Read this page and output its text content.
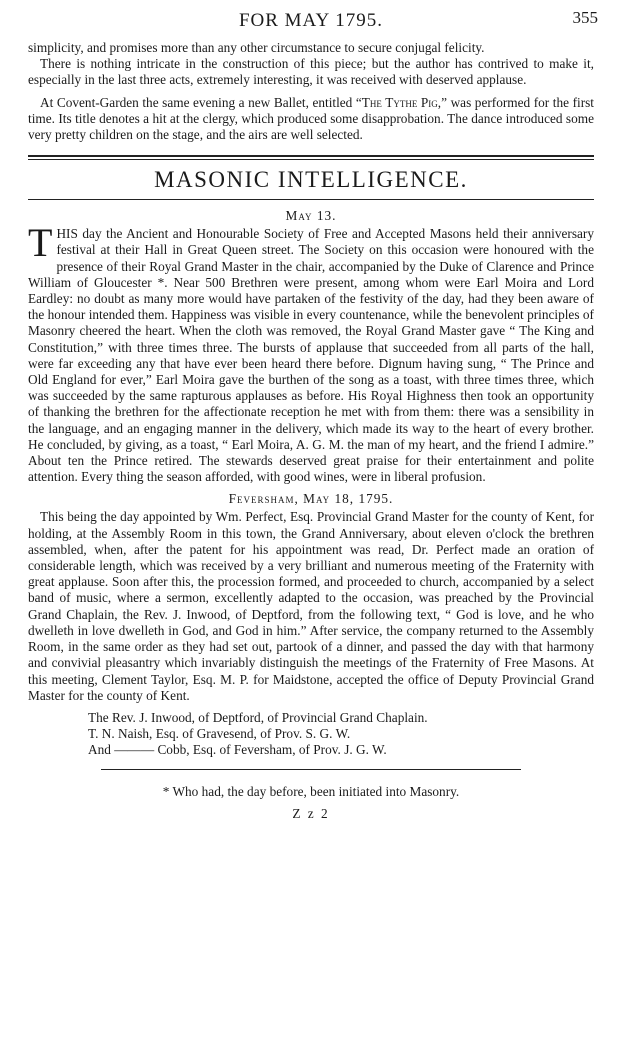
FOR MAY 1795.	355

simplicity, and promises more than any other circumstance to secure conjugal felicity.

There is nothing intricate in the construction of this piece; but the author has contrived to make it, especially in the last three acts, extremely interesting, it was received with deserved applause.

At Covent-Garden the same evening a new Ballet, entitled “The Tythe Pig,” was performed for the first time. Its title denotes a hit at the clergy, which produced some disapprobation. The dance introduced some very pretty children on the stage, and the airs are well selected.

MASONIC INTELLIGENCE.
May 13.

THIS day the Ancient and Honourable Society of Free and Accepted Masons held their anniversary festival at their Hall in Great Queen street. The Society on this occasion were honoured with the presence of their Royal Grand Master in the chair, accompanied by the Duke of Clarence and Prince William of Gloucester *. Near 500 Brethren were present, among whom were Earl Moira and Lord Eardley: no doubt as many more would have partaken of the festivity of the day, had they been aware of the honour intended them. Happiness was visible in every countenance, while the benevolent principles of Masonry cheered the heart. When the cloth was removed, the Royal Grand Master gave “ The King and Constitution,” with three times three. The bursts of applause that succeeded from all parts of the hall, were far exceeding any that have ever been heard there before. Dignum having sung, “ The Prince and Old England for ever,” Earl Moira gave the burthen of the song as a toast, with three times three, which was succeeded by the same rapturous applauses as before. His Royal Highness then took an opportunity of thanking the brethren for the affectionate reception he met with from them: there was a sensibility in the language, and an engaging manner in the delivery, which made its way to the heart of every brother. He concluded, by giving, as a toast, “ Earl Moira, A. G. M. the man of my heart, and the friend I admire.” About ten the Prince retired. The stewards deserved great praise for their entertainment and polite attention. Every thing the season afforded, with good wines, were in liberal profusion.

Feversham, May 18, 1795.

This being the day appointed by Wm. Perfect, Esq. Provincial Grand Master for the county of Kent, for holding, at the Assembly Room in this town, the Grand Anniversary, about eleven o'clock the brethren assembled, when, after the patent for his appointment was read, Dr. Perfect made an oration of considerable length, which was received by a very brilliant and numerous meeting of the Fraternity with great applause. Soon after this, the procession formed, and proceeded to church, accompanied by a select band of music, where a sermon, excellently adapted to the occasion, was preached by the Provincial Grand Chaplain, the Rev. J. Inwood, of Deptford, from the following text, “ God is love, and he who dwelleth in love dwelleth in God, and God in him.” After service, the company returned to the Assembly Room, in the same order as they had set out, partook of a dinner, and passed the day with that harmony and convivial pleasantry which invariably distinguish the meetings of the Fraternity of Free Masons. At this meeting, Clement Taylor, Esq. M. P. for Maidstone, accepted the office of Deputy Provincial Grand Master for the county of Kent.

The Rev. J. Inwood, of Deptford, of Provincial Grand Chaplain.
T. N. Naish, Esq. of Gravesend, of Prov. S. G. W.
And ——— Cobb, Esq. of Feversham, of Prov. J. G. W.
* Who had, the day before, been initiated into Masonry.
Z z 2
